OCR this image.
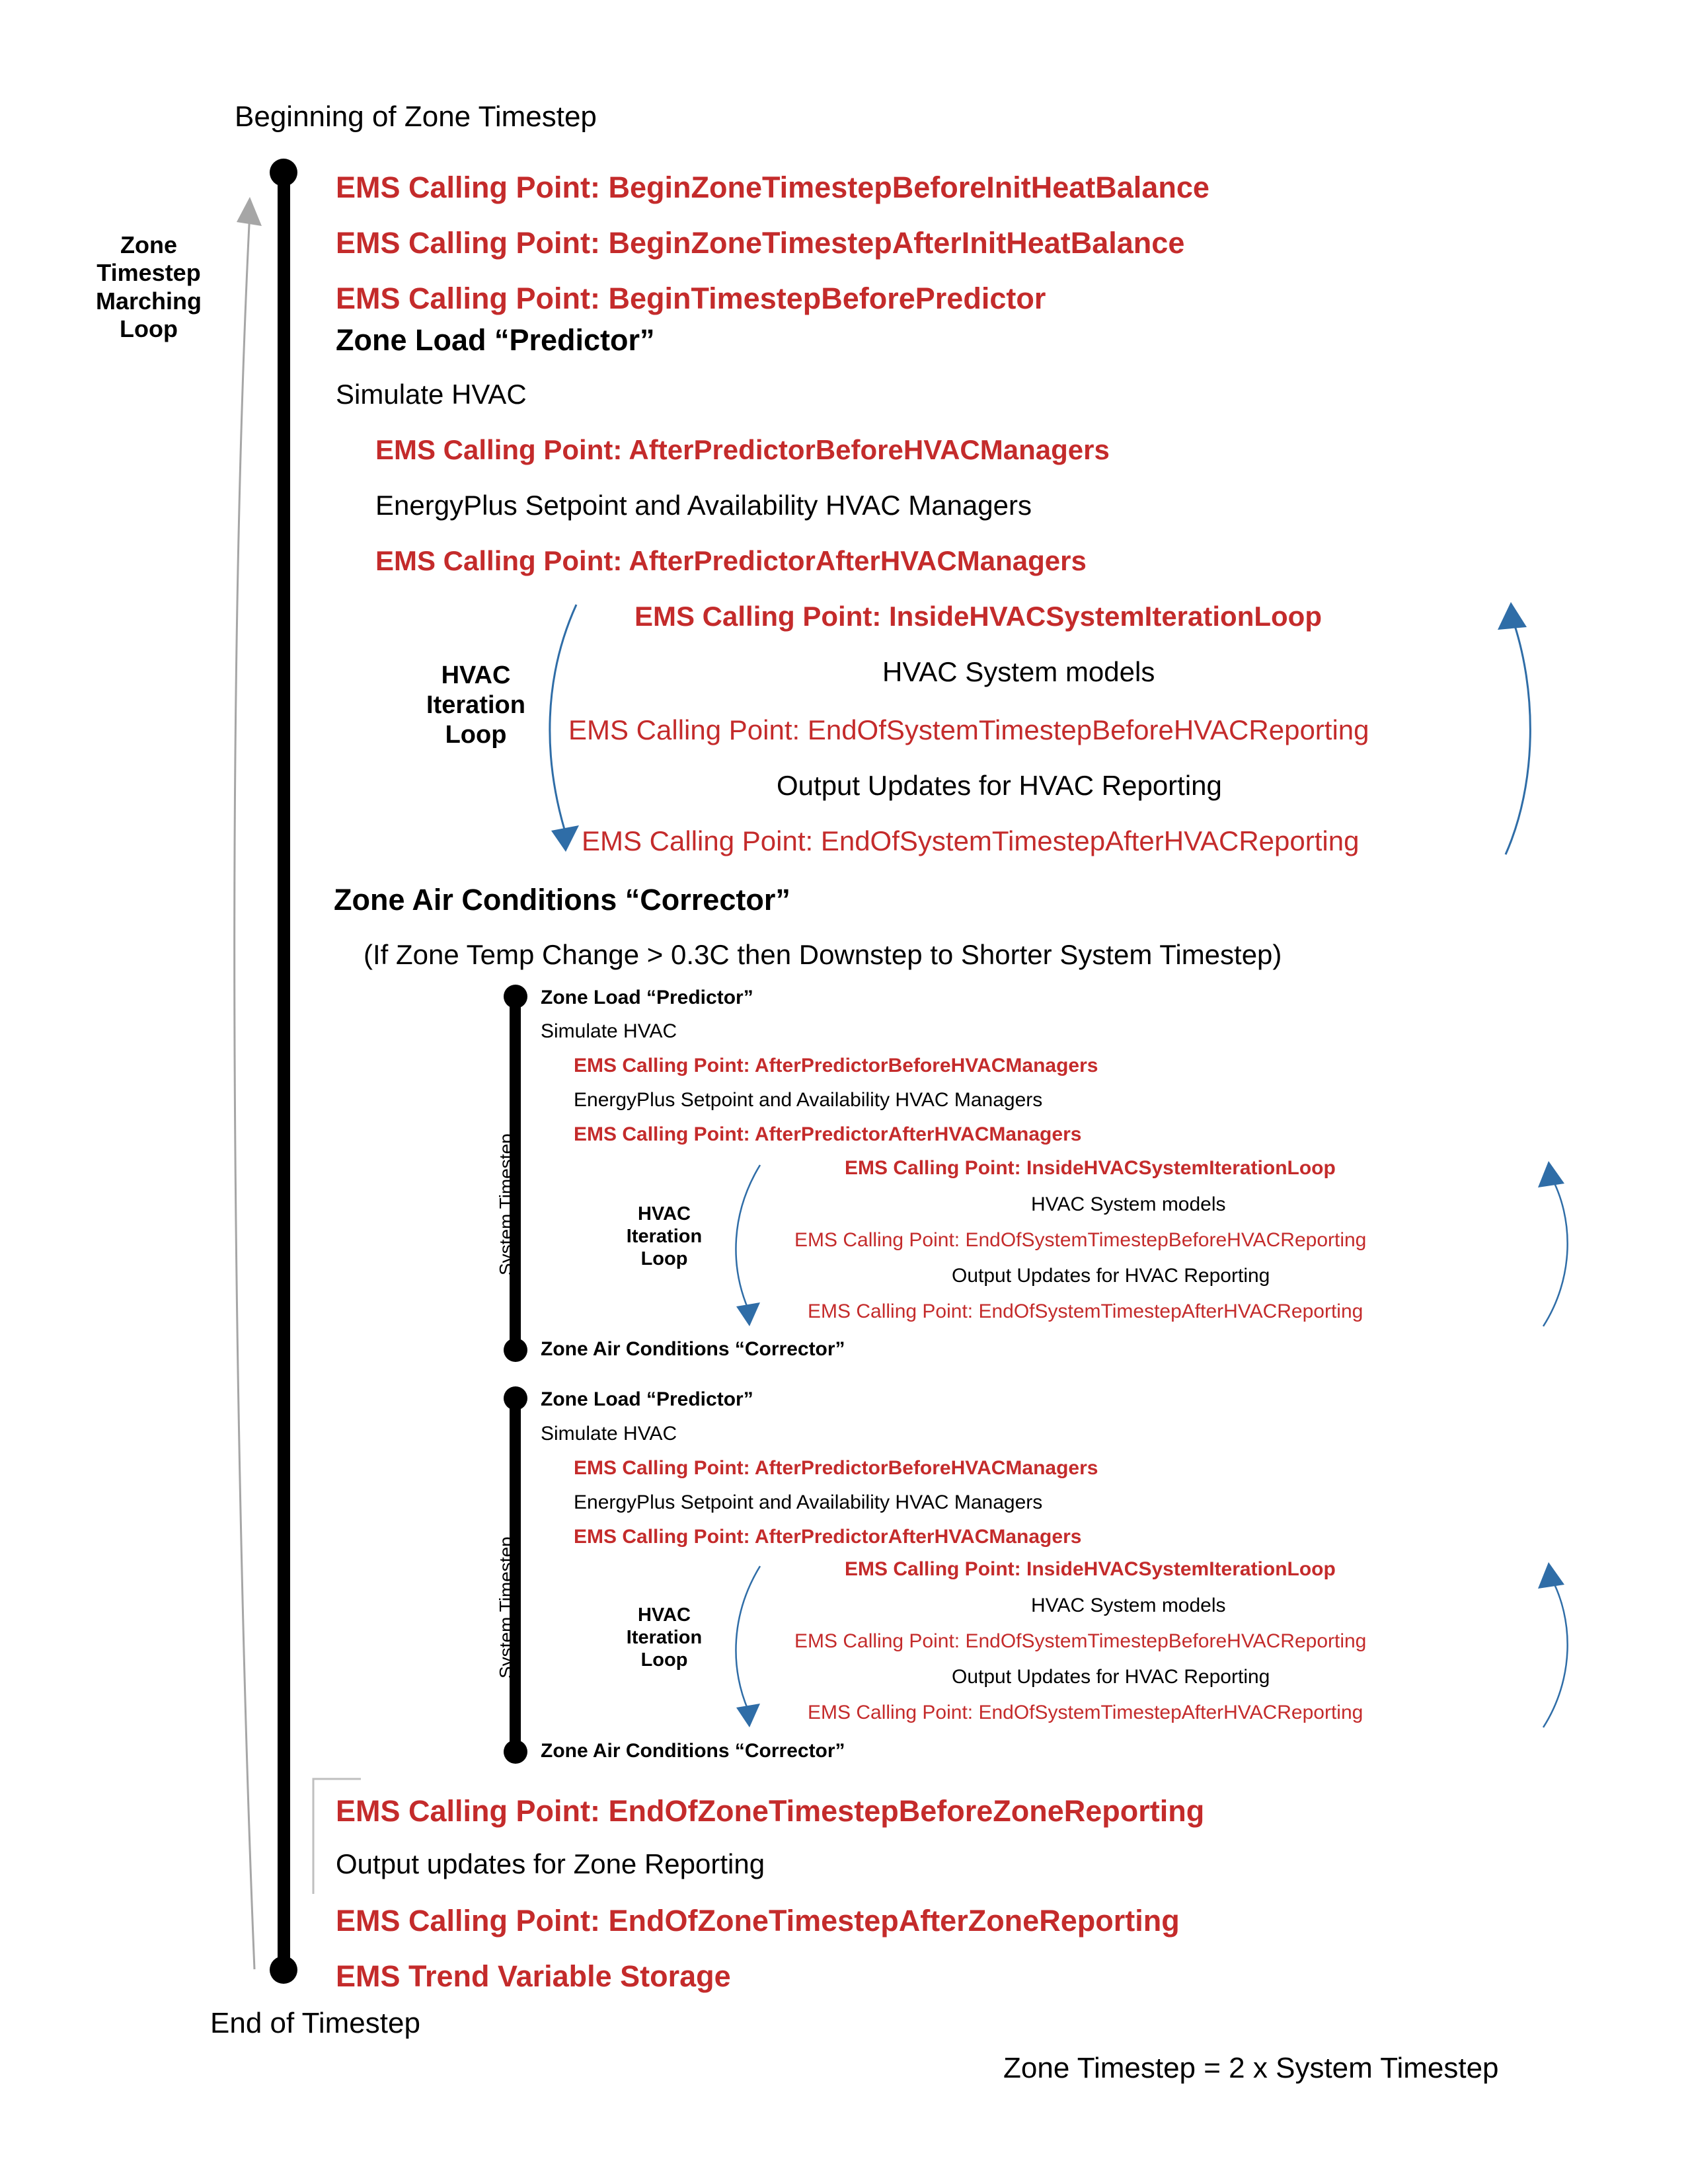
Beginning of Zone Timestep
Zone
Timestep
Marching
Loop
EMS Calling Point: BeginZoneTimestepBeforeInitHeatBalance
EMS Calling Point: BeginZoneTimestepAfterInitHeatBalance
EMS Calling Point: BeginTimestepBeforePredictor
Zone Load “Predictor”
Simulate HVAC
EMS Calling Point: AfterPredictorBeforeHVACManagers
EnergyPlus Setpoint and Availability HVAC Managers
EMS Calling Point: AfterPredictorAfterHVACManagers
HVAC
Iteration
Loop
EMS Calling Point: InsideHVACSystemIterationLoop
HVAC System models
EMS Calling Point: EndOfSystemTimestepBeforeHVACReporting
Output Updates for HVAC Reporting
EMS Calling Point: EndOfSystemTimestepAfterHVACReporting
Zone Air Conditions “Corrector”
(If Zone Temp Change > 0.3C then Downstep to Shorter System Timestep)
System Timestep
Zone Load “Predictor”
Simulate HVAC
EMS Calling Point: AfterPredictorBeforeHVACManagers
EnergyPlus Setpoint and Availability HVAC Managers
EMS Calling Point: AfterPredictorAfterHVACManagers
HVAC
Iteration
Loop
EMS Calling Point: InsideHVACSystemIterationLoop
HVAC System models
EMS Calling Point: EndOfSystemTimestepBeforeHVACReporting
Output Updates for HVAC Reporting
EMS Calling Point: EndOfSystemTimestepAfterHVACReporting
Zone Air Conditions “Corrector”
System Timestep
Zone Load “Predictor”
Simulate HVAC
EMS Calling Point: AfterPredictorBeforeHVACManagers
EnergyPlus Setpoint and Availability HVAC Managers
EMS Calling Point: AfterPredictorAfterHVACManagers
HVAC
Iteration
Loop
EMS Calling Point: InsideHVACSystemIterationLoop
HVAC System models
EMS Calling Point: EndOfSystemTimestepBeforeHVACReporting
Output Updates for HVAC Reporting
EMS Calling Point: EndOfSystemTimestepAfterHVACReporting
Zone Air Conditions “Corrector”
EMS Calling Point: EndOfZoneTimestepBeforeZoneReporting
Output updates for Zone Reporting
EMS Calling Point: EndOfZoneTimestepAfterZoneReporting
EMS Trend Variable Storage
End of Timestep
Zone Timestep = 2 x System Timestep
